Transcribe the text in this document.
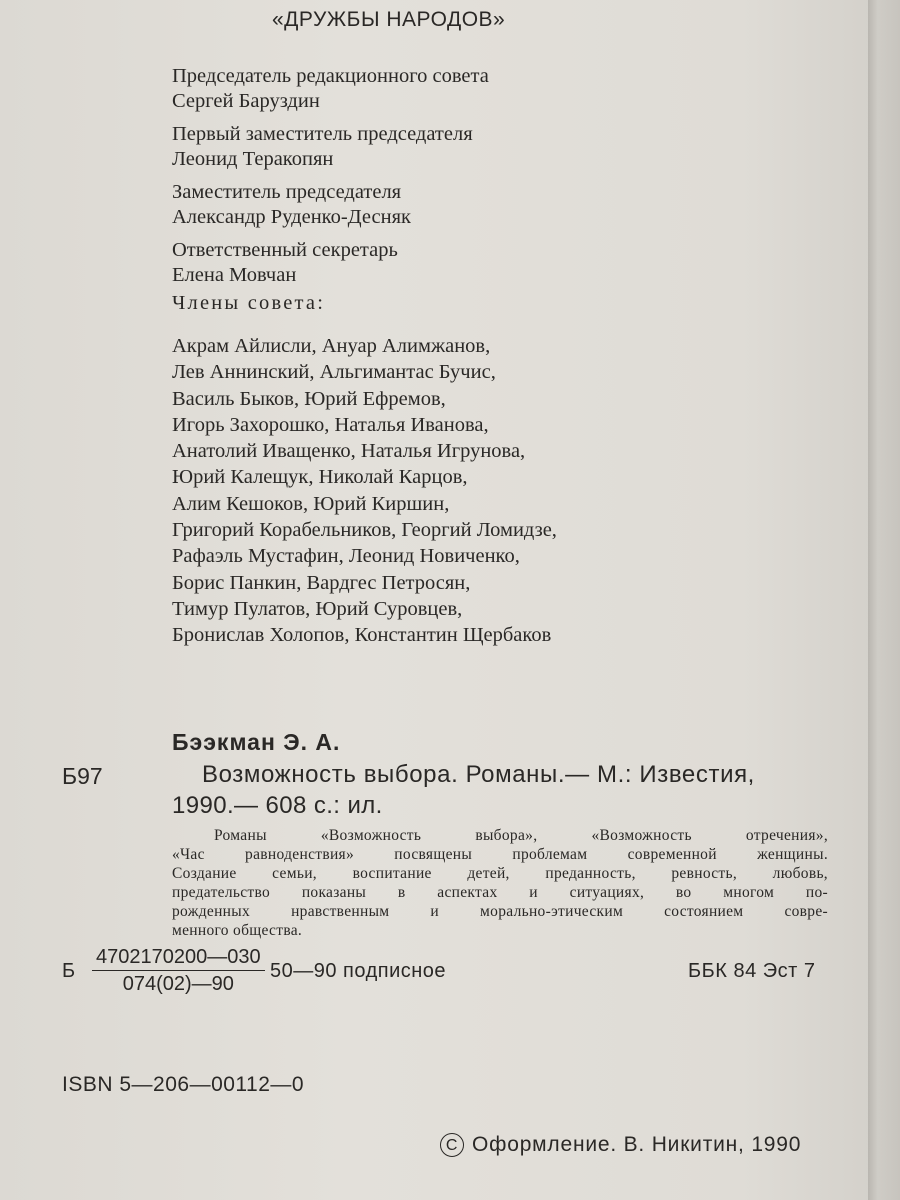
«ДРУЖБЫ НАРОДОВ»
Председатель редакционного совета
Сергей Баруздин
Первый заместитель председателя
Леонид Теракопян
Заместитель председателя
Александр Руденко-Десняк
Ответственный секретарь
Елена Мовчан
Члены совета:
Акрам Айлисли, Ануар Алимжанов,
Лев Аннинский, Альгимантас Бучис,
Василь Быков, Юрий Ефремов,
Игорь Захорошко, Наталья Иванова,
Анатолий Иващенко, Наталья Игрунова,
Юрий Калещук, Николай Карцов,
Алим Кешоков, Юрий Киршин,
Григорий Корабельников, Георгий Ломидзе,
Рафаэль Мустафин, Леонид Новиченко,
Борис Панкин, Вардгес Петросян,
Тимур Пулатов, Юрий Суровцев,
Бронислав Холопов, Константин Щербаков
Бээкман Э. А.
Б97	Возможность выбора. Романы.— М.: Известия,
1990.— 608 с.: ил.
Романы «Возможность выбора», «Возможность отречения»,
«Час равноденствия» посвящены проблемам современной женщины.
Создание семьи, воспитание детей, преданность, ревность, любовь,
предательство показаны в аспектах и ситуациях, во многом по-
рожденных нравственным и морально-этическим состоянием совре-
менного общества.
Б $\frac{4702170200—030}{074(02)—90}$ 50—90 подписное	ББК 84 Эст 7
ISBN 5—206—00112—0
C Оформление. В. Никитин, 1990
